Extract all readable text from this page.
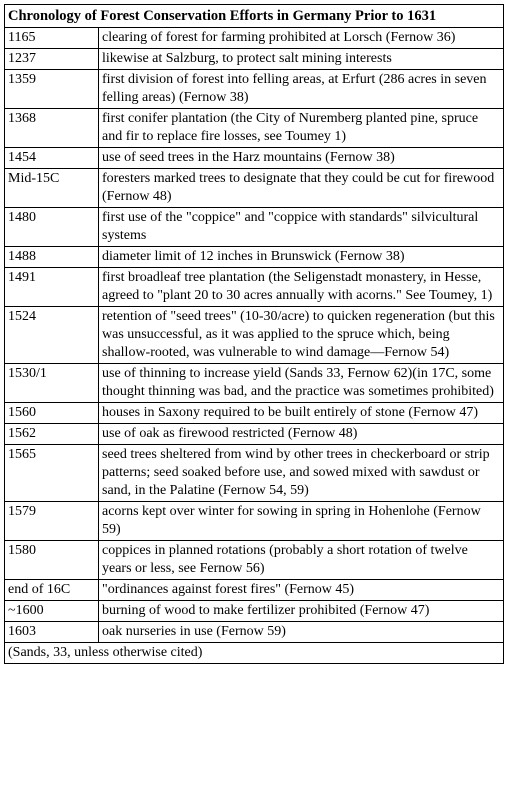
Chronology of Forest Conservation Efforts in Germany Prior to 1631	
1165	clearing of forest for farming prohibited at Lorsch (Fernow 36)
1237	likewise at Salzburg, to protect salt mining interests
1359	first division of forest into felling areas, at Erfurt (286 acres in seven felling areas) (Fernow 38)
1368	first conifer plantation (the City of Nuremberg planted pine, spruce and fir to replace fire losses, see Toumey 1)
1454	use of seed trees in the Harz mountains (Fernow 38)
Mid-15C	foresters marked trees to designate that they could be cut for firewood (Fernow 48)
1480	first use of the "coppice" and "coppice with standards" silvicultural systems
1488	diameter limit of 12 inches in Brunswick (Fernow 38)
1491	first broadleaf tree plantation (the Seligenstadt monastery, in Hesse, agreed to "plant 20 to 30 acres annually with acorns." See Toumey, 1)
1524	retention of "seed trees" (10-30/acre) to quicken regeneration (but this was unsuccessful, as it was applied to the spruce which, being shallow-rooted, was vulnerable to wind damage—Fernow 54)
1530/1	use of thinning to increase yield (Sands 33, Fernow 62)(in 17C, some thought thinning was bad, and the practice was sometimes prohibited)
1560	houses in Saxony required to be built entirely of stone (Fernow 47)
1562	use of oak as firewood restricted (Fernow 48)
1565	seed trees sheltered from wind by other trees in checkerboard or strip patterns; seed soaked before use, and sowed mixed with sawdust or sand, in the Palatine (Fernow 54, 59)
1579	acorns kept over winter for sowing in spring in Hohenlohe (Fernow 59)
1580	coppices in planned rotations (probably a short rotation of twelve years or less, see Fernow 56)
end of 16C	"ordinances against forest fires" (Fernow 45)
~1600	burning of wood to make fertilizer prohibited (Fernow 47)
1603	oak nurseries in use (Fernow 59)
(Sands, 33, unless otherwise cited)	
